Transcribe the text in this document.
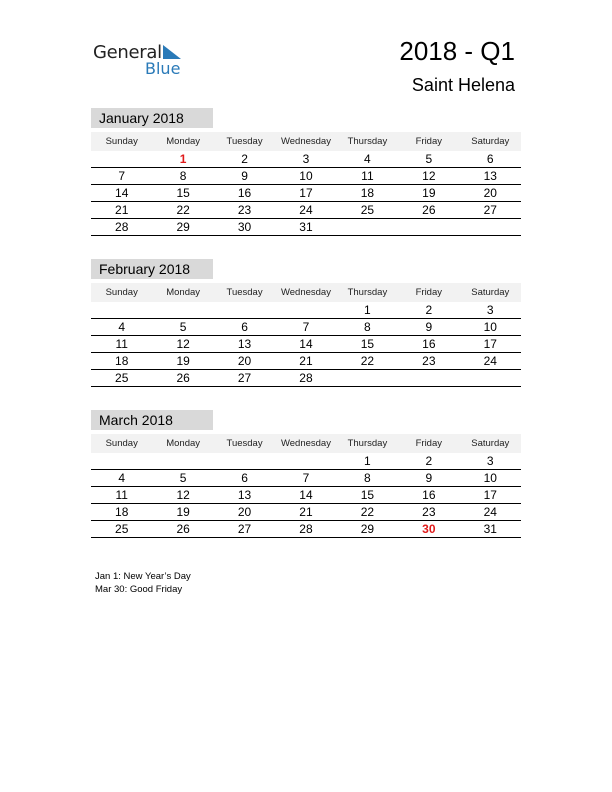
General
Blue
2018 - Q1
Saint Helena
January 2018
Sunday	Monday	Tuesday	Wednesday	Thursday	Friday	Saturday
	1	2	3	4	5	6
7	8	9	10	11	12	13
14	15	16	17	18	19	20
21	22	23	24	25	26	27
28	29	30	31			
February 2018
Sunday	Monday	Tuesday	Wednesday	Thursday	Friday	Saturday
				1	2	3
4	5	6	7	8	9	10
11	12	13	14	15	16	17
18	19	20	21	22	23	24
25	26	27	28			
March 2018
Sunday	Monday	Tuesday	Wednesday	Thursday	Friday	Saturday
				1	2	3
4	5	6	7	8	9	10
11	12	13	14	15	16	17
18	19	20	21	22	23	24
25	26	27	28	29	30	31
Jan 1: New Year’s Day
Mar 30: Good Friday
